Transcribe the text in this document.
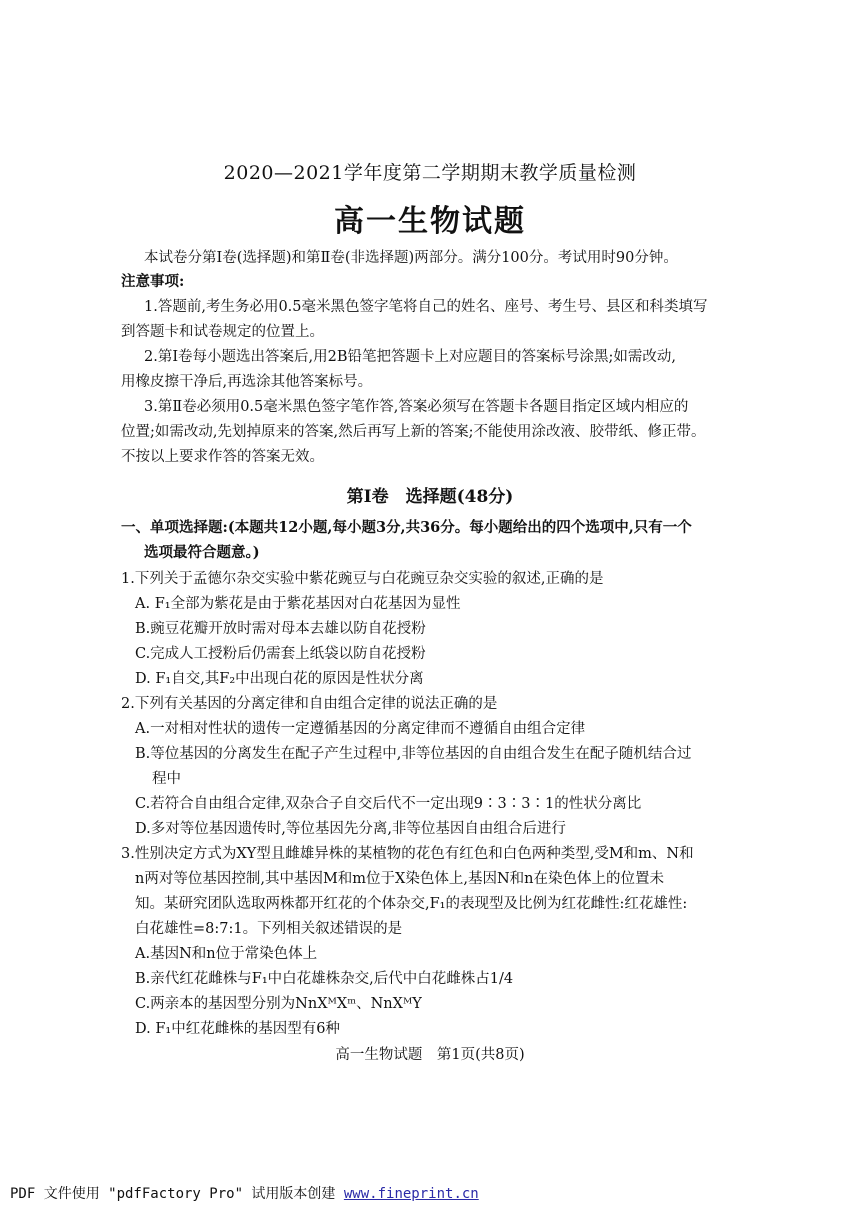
2020—2021学年度第二学期期末教学质量检测
高一生物试题
本试卷分第Ⅰ卷(选择题)和第Ⅱ卷(非选择题)两部分。满分100分。考试用时90分钟。
注意事项:
1.答题前,考生务必用0.5毫米黑色签字笔将自己的姓名、座号、考生号、县区和科类填写
到答题卡和试卷规定的位置上。
2.第Ⅰ卷每小题选出答案后,用2B铅笔把答题卡上对应题目的答案标号涂黑;如需改动,
用橡皮擦干净后,再选涂其他答案标号。
3.第Ⅱ卷必须用0.5毫米黑色签字笔作答,答案必须写在答题卡各题目指定区域内相应的
位置;如需改动,先划掉原来的答案,然后再写上新的答案;不能使用涂改液、胶带纸、修正带。
不按以上要求作答的答案无效。
第Ⅰ卷　选择题(48分)
一、单项选择题:(本题共12小题,每小题3分,共36分。每小题给出的四个选项中,只有一个
选项最符合题意。)
1.下列关于孟德尔杂交实验中紫花豌豆与白花豌豆杂交实验的叙述,正确的是
A. F₁全部为紫花是由于紫花基因对白花基因为显性
B.豌豆花瓣开放时需对母本去雄以防自花授粉
C.完成人工授粉后仍需套上纸袋以防自花授粉
D. F₁自交,其F₂中出现白花的原因是性状分离
2.下列有关基因的分离定律和自由组合定律的说法正确的是
A.一对相对性状的遗传一定遵循基因的分离定律而不遵循自由组合定律
B.等位基因的分离发生在配子产生过程中,非等位基因的自由组合发生在配子随机结合过
程中
C.若符合自由组合定律,双杂合子自交后代不一定出现9∶3∶3∶1的性状分离比
D.多对等位基因遗传时,等位基因先分离,非等位基因自由组合后进行
3.性别决定方式为XY型且雌雄异株的某植物的花色有红色和白色两种类型,受M和m、N和
n两对等位基因控制,其中基因M和m位于X染色体上,基因N和n在染色体上的位置未
知。某研究团队选取两株都开红花的个体杂交,F₁的表现型及比例为红花雌性:红花雄性:
白花雄性=8:7:1。下列相关叙述错误的是
A.基因N和n位于常染色体上
B.亲代红花雌株与F₁中白花雄株杂交,后代中白花雌株占1/4
C.两亲本的基因型分别为NnXᴹXᵐ、NnXᴹY
D. F₁中红花雌株的基因型有6种
高一生物试题　第1页(共8页)
PDF 文件使用 "pdfFactory Pro" 试用版本创建 www.fineprint.cn
